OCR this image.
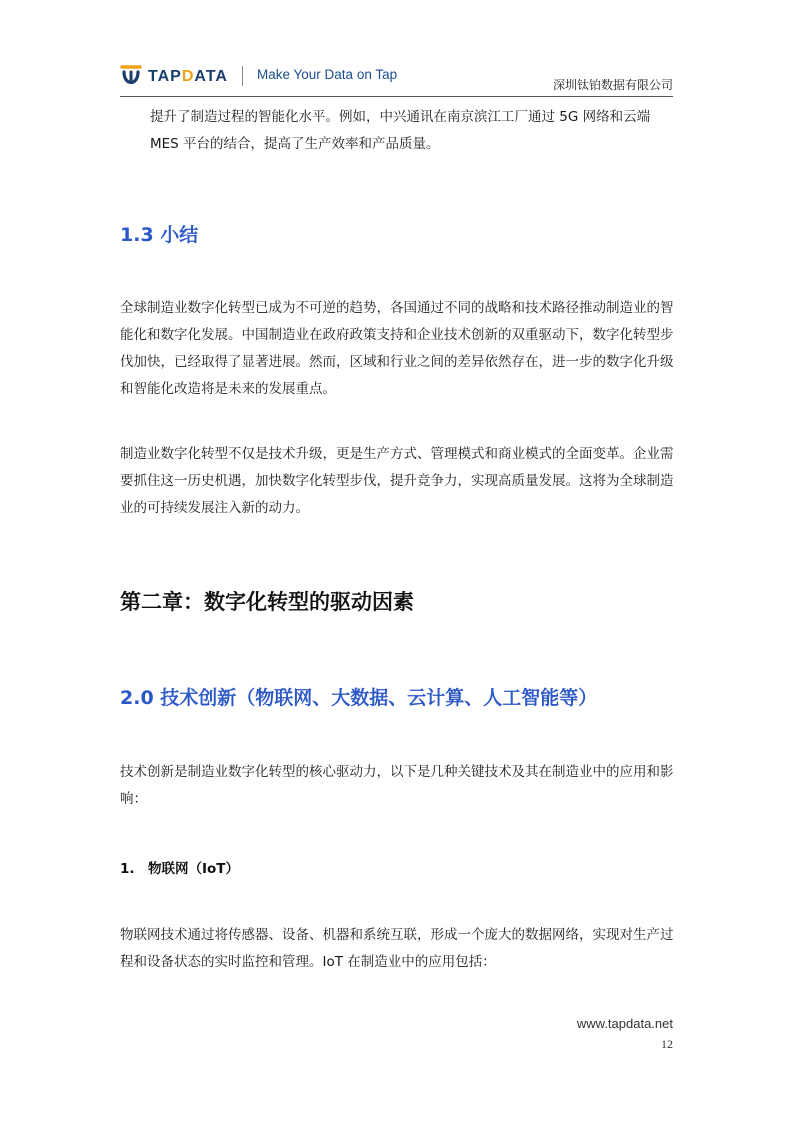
TAPDATA Make Your Data on Tap
深圳钛铂数据有限公司
提升了制造过程的智能化水平。例如，中兴通讯在南京滨江工厂通过 5G 网络和云端 MES 平台的结合，提高了生产效率和产品质量。
1.3 小结
全球制造业数字化转型已成为不可逆的趋势，各国通过不同的战略和技术路径推动制造业的智能化和数字化发展。中国制造业在政府政策支持和企业技术创新的双重驱动下，数字化转型步伐加快，已经取得了显著进展。然而，区域和行业之间的差异依然存在，进一步的数字化升级和智能化改造将是未来的发展重点。
制造业数字化转型不仅是技术升级，更是生产方式、管理模式和商业模式的全面变革。企业需要抓住这一历史机遇，加快数字化转型步伐，提升竞争力，实现高质量发展。这将为全球制造业的可持续发展注入新的动力。
第二章：数字化转型的驱动因素
2.0 技术创新（物联网、大数据、云计算、人工智能等）
技术创新是制造业数字化转型的核心驱动力，以下是几种关键技术及其在制造业中的应用和影响：
1. 物联网（IoT）
物联网技术通过将传感器、设备、机器和系统互联，形成一个庞大的数据网络，实现对生产过程和设备状态的实时监控和管理。IoT 在制造业中的应用包括：
www.tapdata.net
12
